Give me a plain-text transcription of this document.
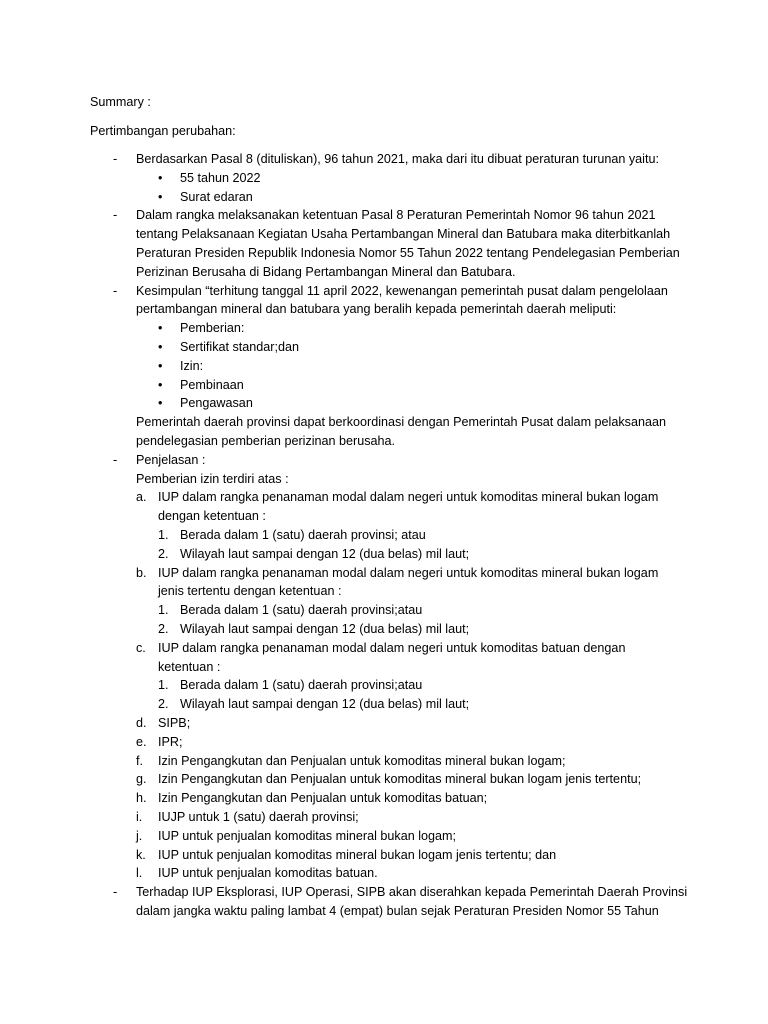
Summary :
Pertimbangan perubahan:
- Berdasarkan Pasal 8 (dituliskan), 96 tahun 2021, maka dari itu dibuat peraturan turunan yaitu:
• 55 tahun 2022
• Surat edaran
- Dalam rangka melaksanakan ketentuan Pasal 8 Peraturan Pemerintah Nomor 96 tahun 2021
tentang Pelaksanaan Kegiatan Usaha Pertambangan Mineral dan Batubara maka diterbitkanlah
Peraturan Presiden Republik Indonesia Nomor 55 Tahun 2022 tentang Pendelegasian Pemberian
Perizinan Berusaha di Bidang Pertambangan Mineral dan Batubara.
- Kesimpulan “terhitung tanggal 11 april 2022, kewenangan pemerintah pusat dalam pengelolaan
pertambangan mineral dan batubara yang beralih kepada pemerintah daerah meliputi:
• Pemberian:
• Sertifikat standar;dan
• Izin:
• Pembinaan
• Pengawasan
Pemerintah daerah provinsi dapat berkoordinasi dengan Pemerintah Pusat dalam pelaksanaan
pendelegasian pemberian perizinan berusaha.
- Penjelasan :
Pemberian izin terdiri atas :
a. IUP dalam rangka penanaman modal dalam negeri untuk komoditas mineral bukan logam
dengan ketentuan :
1. Berada dalam 1 (satu) daerah provinsi; atau
2. Wilayah laut sampai dengan 12 (dua belas) mil laut;
b. IUP dalam rangka penanaman modal dalam negeri untuk komoditas mineral bukan logam
jenis tertentu dengan ketentuan :
1. Berada dalam 1 (satu) daerah provinsi;atau
2. Wilayah laut sampai dengan 12 (dua belas) mil laut;
c. IUP dalam rangka penanaman modal dalam negeri untuk komoditas batuan dengan
ketentuan :
1. Berada dalam 1 (satu) daerah provinsi;atau
2. Wilayah laut sampai dengan 12 (dua belas) mil laut;
d. SIPB;
e. IPR;
f. Izin Pengangkutan dan Penjualan untuk komoditas mineral bukan logam;
g. Izin Pengangkutan dan Penjualan untuk komoditas mineral bukan logam jenis tertentu;
h. Izin Pengangkutan dan Penjualan untuk komoditas batuan;
i. IUJP untuk 1 (satu) daerah provinsi;
j. IUP untuk penjualan komoditas mineral bukan logam;
k. IUP untuk penjualan komoditas mineral bukan logam jenis tertentu; dan
l. IUP untuk penjualan komoditas batuan.
- Terhadap IUP Eksplorasi, IUP Operasi, SIPB akan diserahkan kepada Pemerintah Daerah Provinsi
dalam jangka waktu paling lambat 4 (empat) bulan sejak Peraturan Presiden Nomor 55 Tahun
